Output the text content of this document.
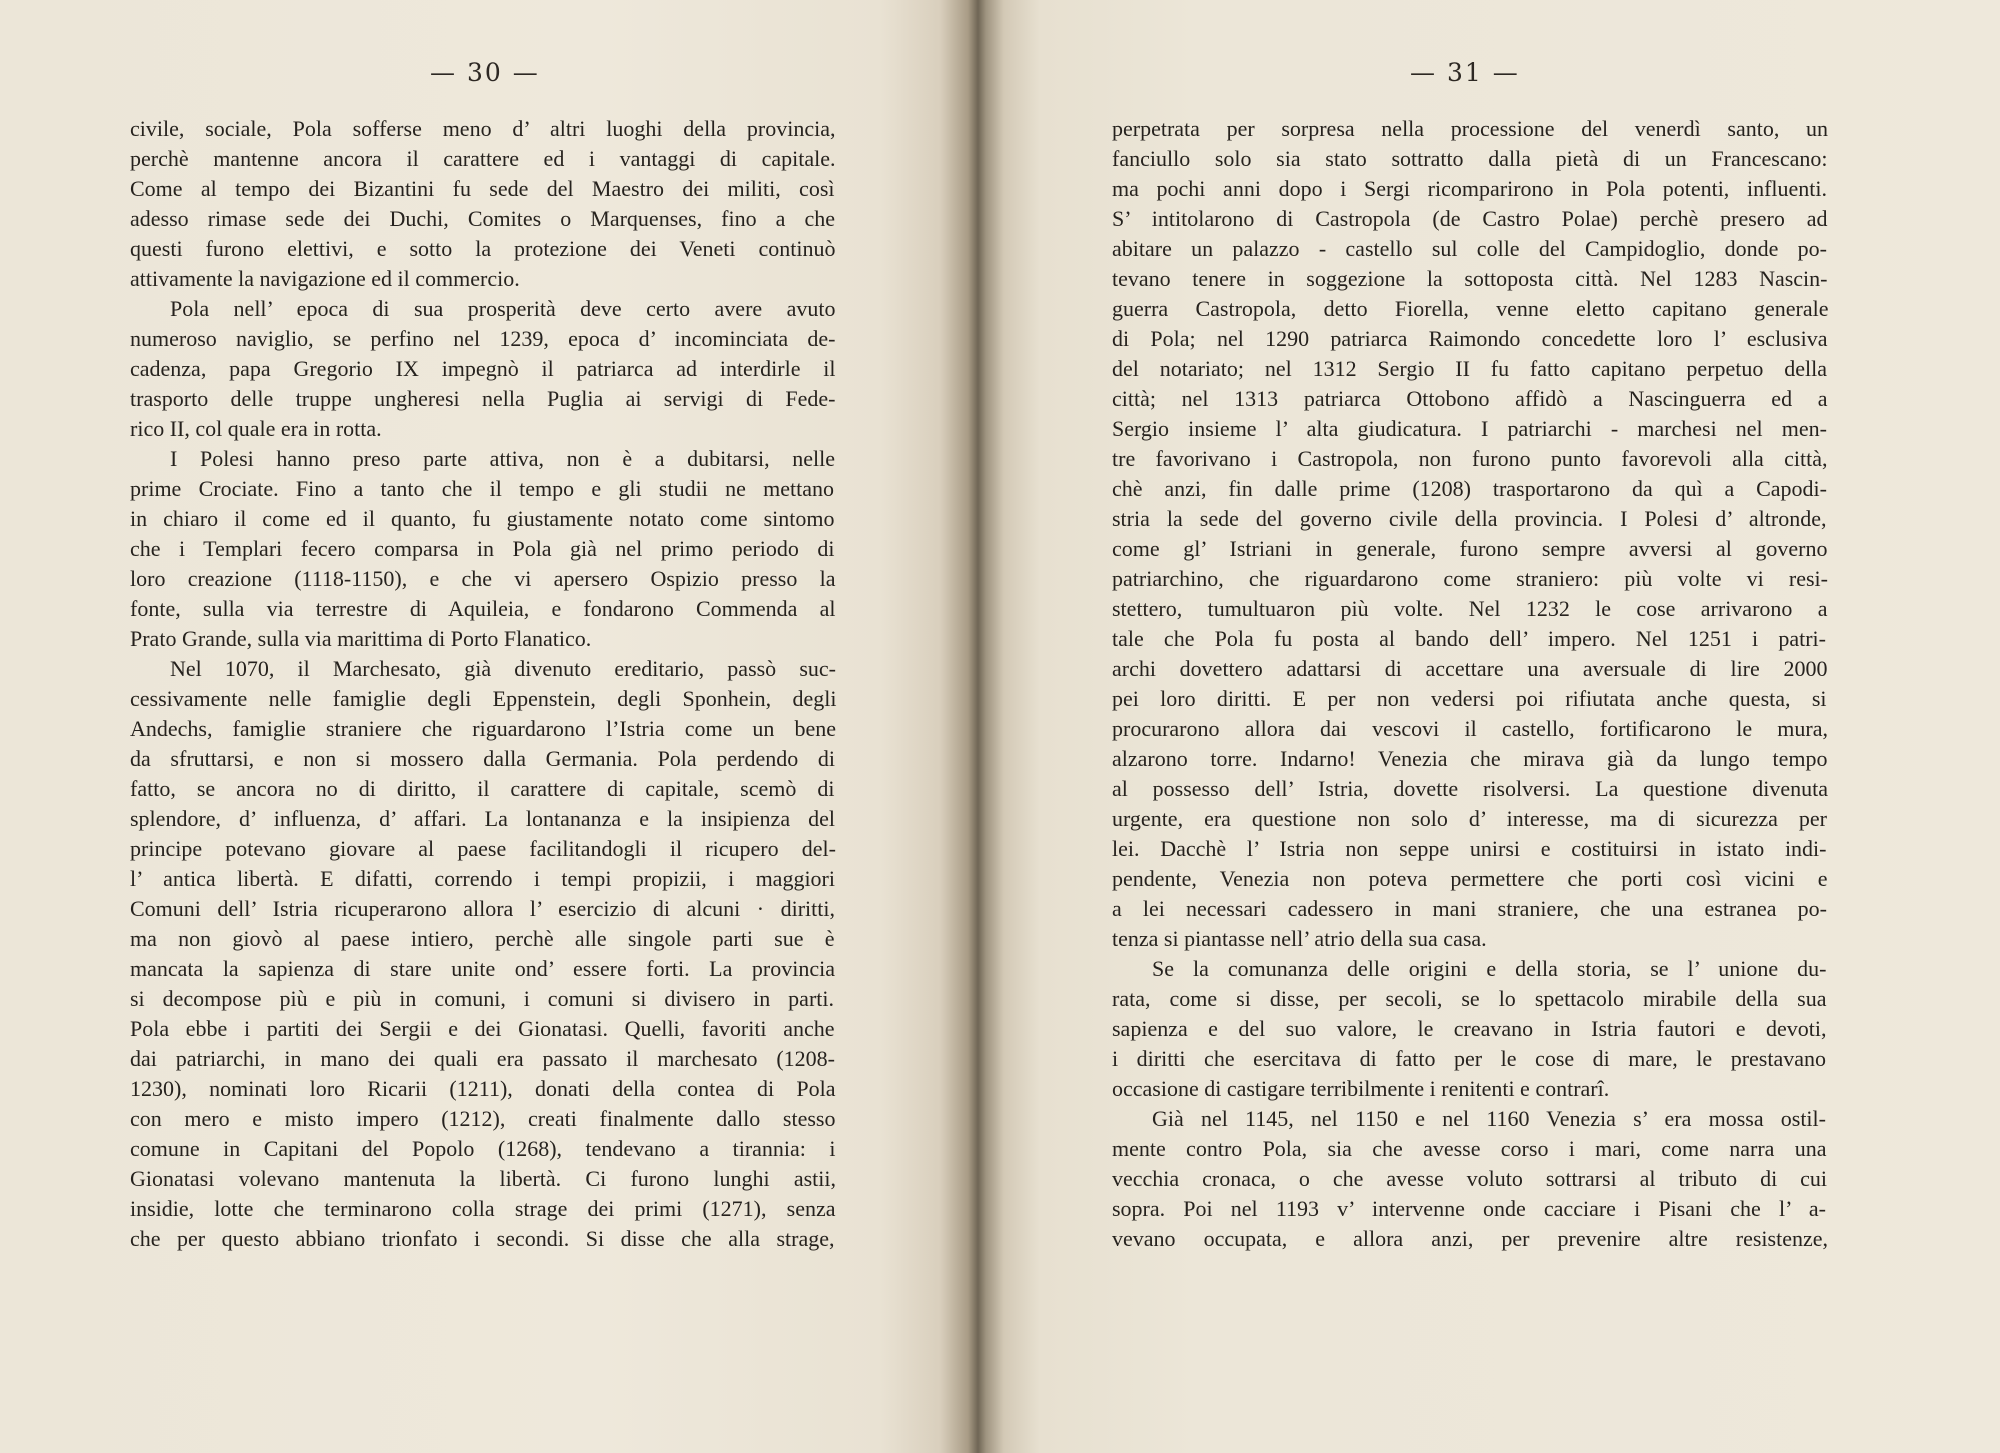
— 30 —
civile, sociale, Pola sofferse meno d’ altri luoghi della provincia,
perchè mantenne ancora il carattere ed i vantaggi di capitale.
Come al tempo dei Bizantini fu sede del Maestro dei militi, così
adesso rimase sede dei Duchi, Comites o Marquenses, fino a che
questi furono elettivi, e sotto la protezione dei Veneti continuò
attivamente la navigazione ed il commercio.
Pola nell’ epoca di sua prosperità deve certo avere avuto
numeroso naviglio, se perfino nel 1239, epoca d’ incominciata de-
cadenza, papa Gregorio IX impegnò il patriarca ad interdirle il
trasporto delle truppe ungheresi nella Puglia ai servigi di Fede-
rico II, col quale era in rotta.
I Polesi hanno preso parte attiva, non è a dubitarsi, nelle
prime Crociate. Fino a tanto che il tempo e gli studii ne mettano
in chiaro il come ed il quanto, fu giustamente notato come sintomo
che i Templari fecero comparsa in Pola già nel primo periodo di
loro creazione (1118-1150), e che vi apersero Ospizio presso la
fonte, sulla via terrestre di Aquileia, e fondarono Commenda al
Prato Grande, sulla via marittima di Porto Flanatico.
Nel 1070, il Marchesato, già divenuto ereditario, passò suc-
cessivamente nelle famiglie degli Eppenstein, degli Sponhein, degli
Andechs, famiglie straniere che riguardarono l’Istria come un bene
da sfruttarsi, e non si mossero dalla Germania. Pola perdendo di
fatto, se ancora no di diritto, il carattere di capitale, scemò di
splendore, d’ influenza, d’ affari. La lontananza e la insipienza del
principe potevano giovare al paese facilitandogli il ricupero del-
l’ antica libertà. E difatti, correndo i tempi propizii, i maggiori
Comuni dell’ Istria ricuperarono allora l’ esercizio di alcuni · diritti,
ma non giovò al paese intiero, perchè alle singole parti sue è
mancata la sapienza di stare unite ond’ essere forti. La provincia
si decompose più e più in comuni, i comuni si divisero in parti.
Pola ebbe i partiti dei Sergii e dei Gionatasi. Quelli, favoriti anche
dai patriarchi, in mano dei quali era passato il marchesato (1208-
1230), nominati loro Ricarii (1211), donati della contea di Pola
con mero e misto impero (1212), creati finalmente dallo stesso
comune in Capitani del Popolo (1268), tendevano a tirannia: i
Gionatasi volevano mantenuta la libertà. Ci furono lunghi astii,
insidie, lotte che terminarono colla strage dei primi (1271), senza
che per questo abbiano trionfato i secondi. Si disse che alla strage,
— 31 —
perpetrata per sorpresa nella processione del venerdì santo, un
fanciullo solo sia stato sottratto dalla pietà di un Francescano:
ma pochi anni dopo i Sergi ricomparirono in Pola potenti, influenti.
S’ intitolarono di Castropola (de Castro Polae) perchè presero ad
abitare un palazzo - castello sul colle del Campidoglio, donde po-
tevano tenere in soggezione la sottoposta città. Nel 1283 Nascin-
guerra Castropola, detto Fiorella, venne eletto capitano generale
di Pola; nel 1290 patriarca Raimondo concedette loro l’ esclusiva
del notariato; nel 1312 Sergio II fu fatto capitano perpetuo della
città; nel 1313 patriarca Ottobono affidò a Nascinguerra ed a
Sergio insieme l’ alta giudicatura. I patriarchi - marchesi nel men-
tre favorivano i Castropola, non furono punto favorevoli alla città,
chè anzi, fin dalle prime (1208) trasportarono da quì a Capodi-
stria la sede del governo civile della provincia. I Polesi d’ altronde,
come gl’ Istriani in generale, furono sempre avversi al governo
patriarchino, che riguardarono come straniero: più volte vi resi-
stettero, tumultuaron più volte. Nel 1232 le cose arrivarono a
tale che Pola fu posta al bando dell’ impero. Nel 1251 i patri-
archi dovettero adattarsi di accettare una aversuale di lire 2000
pei loro diritti. E per non vedersi poi rifiutata anche questa, si
procurarono allora dai vescovi il castello, fortificarono le mura,
alzarono torre. Indarno! Venezia che mirava già da lungo tempo
al possesso dell’ Istria, dovette risolversi. La questione divenuta
urgente, era questione non solo d’ interesse, ma di sicurezza per
lei. Dacchè l’ Istria non seppe unirsi e costituirsi in istato indi-
pendente, Venezia non poteva permettere che porti così vicini e
a lei necessari cadessero in mani straniere, che una estranea po-
tenza si piantasse nell’ atrio della sua casa.
Se la comunanza delle origini e della storia, se l’ unione du-
rata, come si disse, per secoli, se lo spettacolo mirabile della sua
sapienza e del suo valore, le creavano in Istria fautori e devoti,
i diritti che esercitava di fatto per le cose di mare, le prestavano
occasione di castigare terribilmente i renitenti e contrarî.
Già nel 1145, nel 1150 e nel 1160 Venezia s’ era mossa ostil-
mente contro Pola, sia che avesse corso i mari, come narra una
vecchia cronaca, o che avesse voluto sottrarsi al tributo di cui
sopra. Poi nel 1193 v’ intervenne onde cacciare i Pisani che l’ a-
vevano occupata, e allora anzi, per prevenire altre resistenze,
